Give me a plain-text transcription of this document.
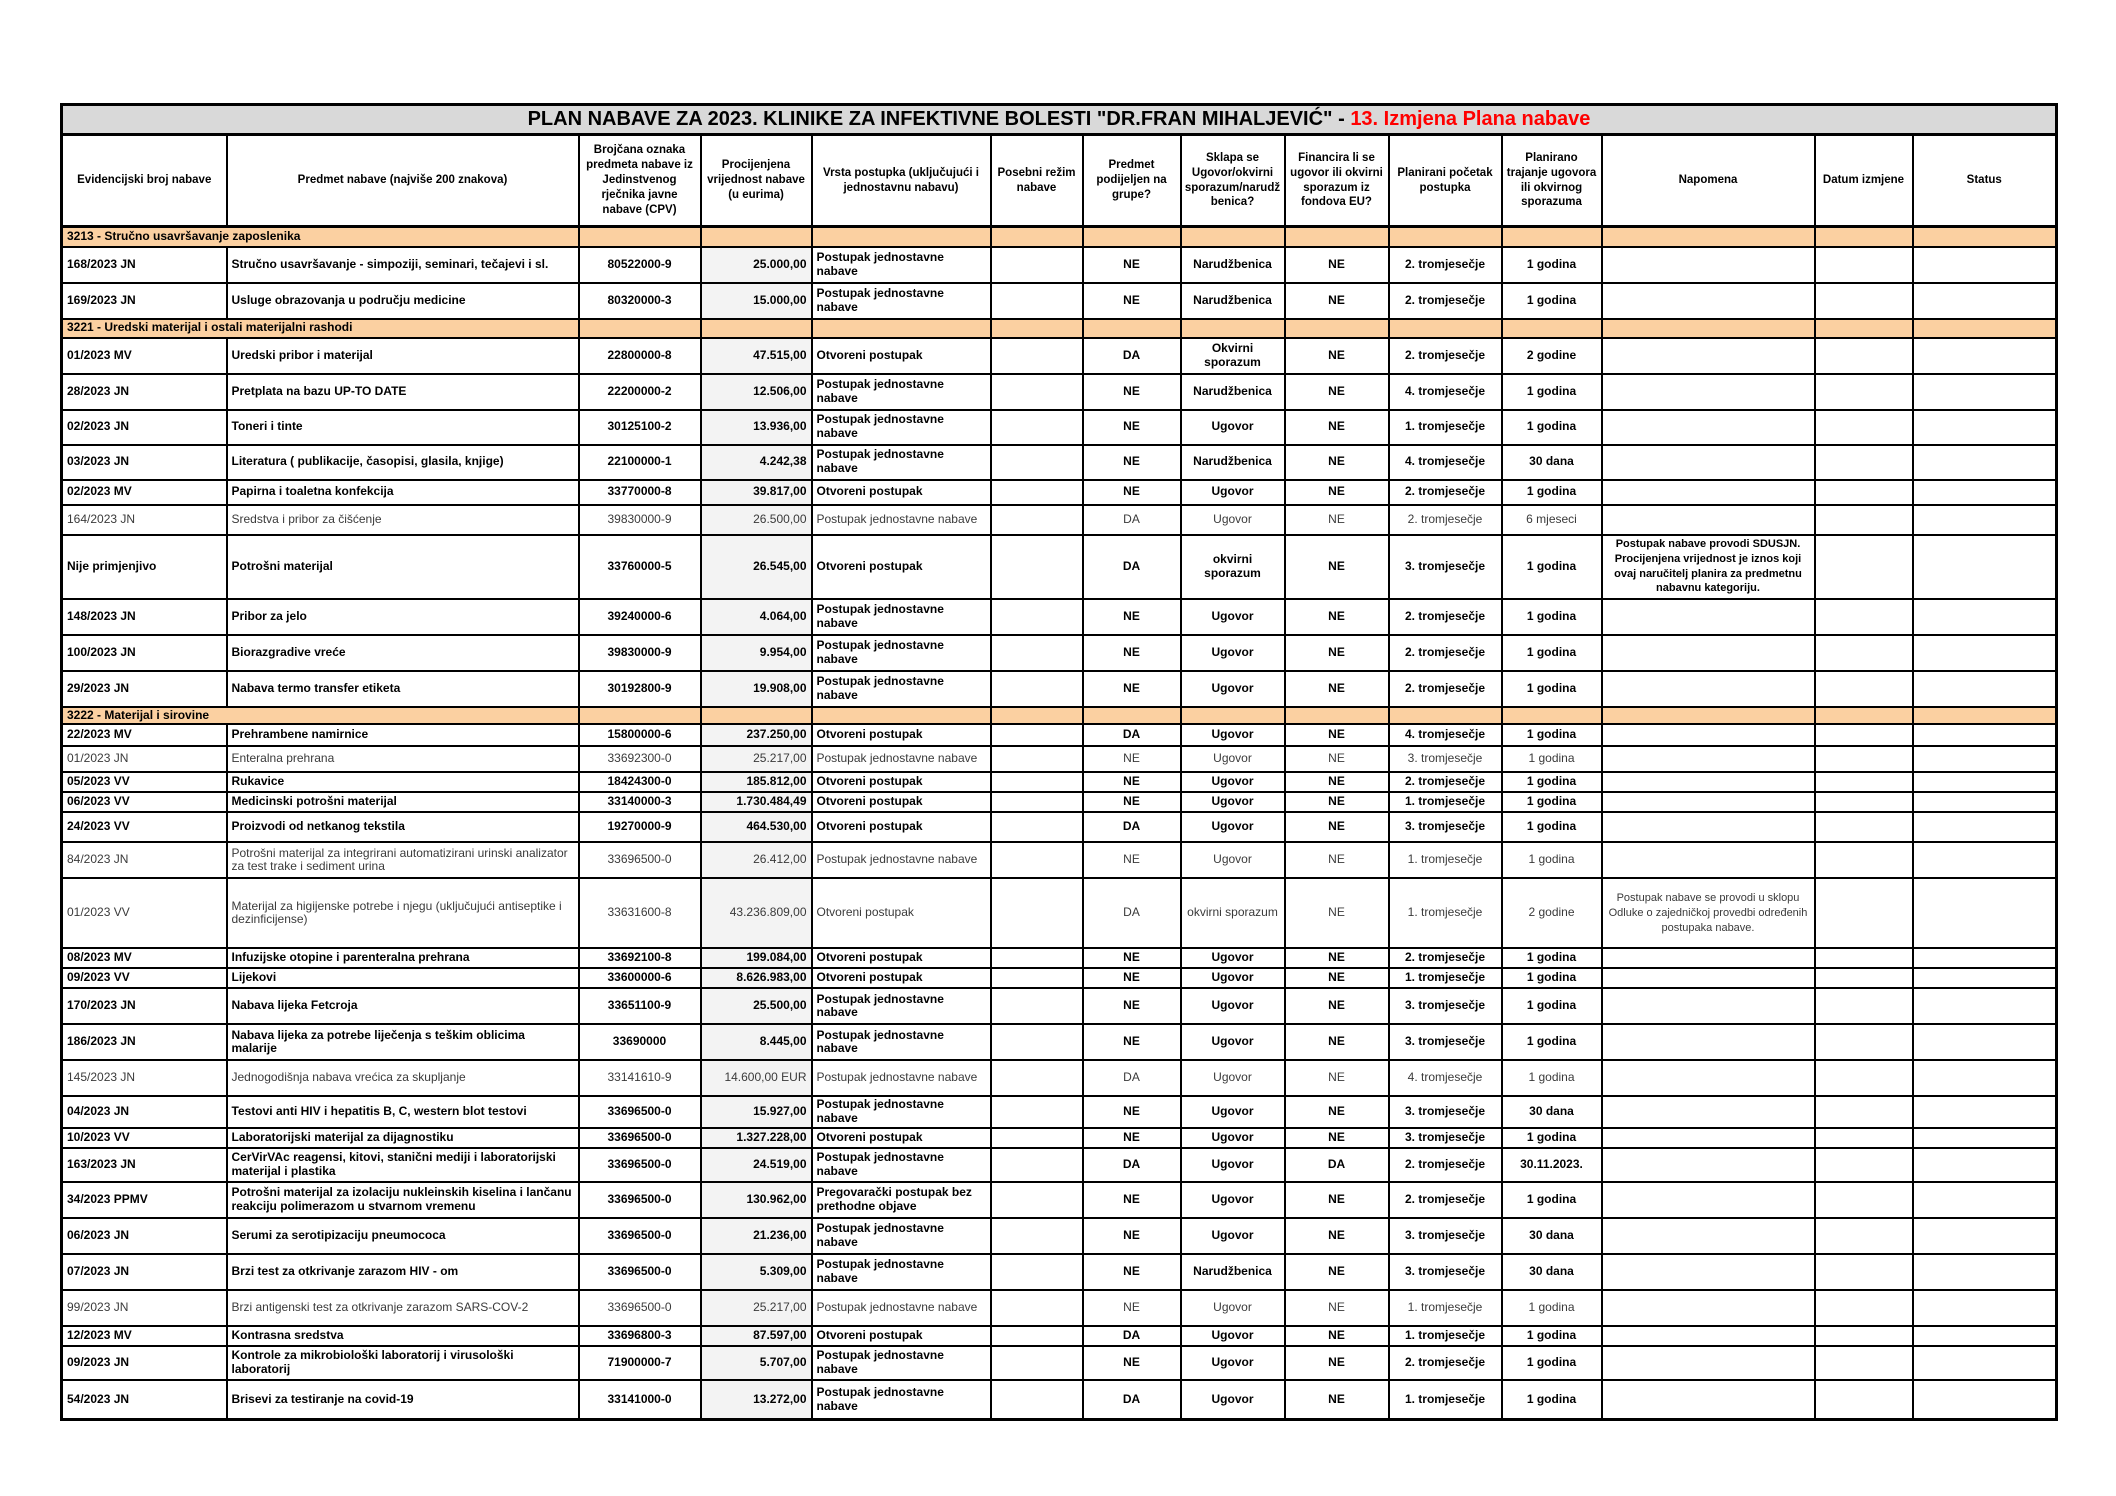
PLAN NABAVE ZA 2023. KLINIKE ZA INFEKTIVNE BOLESTI "DR.FRAN MIHALJEVIĆ" - 13. Izmjena Plana nabave													
Evidencijski broj nabave	Predmet nabave (najviše 200 znakova)	Brojčana oznaka predmeta nabave iz Jedinstvenog rječnika javne nabave (CPV)	Procijenjena vrijednost nabave (u eurima)	Vrsta postupka (uključujući i jednostavnu nabavu)	Posebni režim nabave	Predmet podijeljen na grupe?	Sklapa se Ugovor/okvirni sporazum/narudžbenica?	Financira li se ugovor ili okvirni sporazum iz fondova EU?	Planirani početak postupka	Planirano trajanje ugovora ili okvirnog sporazuma	Napomena	Datum izmjene	Status
3213 - Stručno usavršavanje zaposlenika													
168/2023 JN	Stručno usavršavanje - simpoziji, seminari, tečajevi i sl.	80522000-9	25.000,00	Postupak jednostavne nabave		NE	Narudžbenica	NE	2. tromjesečje	1 godina			
169/2023 JN	Usluge obrazovanja u području medicine	80320000-3	15.000,00	Postupak jednostavne nabave		NE	Narudžbenica	NE	2. tromjesečje	1 godina			
3221 - Uredski materijal i ostali materijalni rashodi													
01/2023 MV	Uredski pribor i materijal	22800000-8	47.515,00	Otvoreni postupak		DA	Okvirni sporazum	NE	2. tromjesečje	2 godine			
28/2023 JN	Pretplata na bazu UP-TO DATE	22200000-2	12.506,00	Postupak jednostavne nabave		NE	Narudžbenica	NE	4. tromjesečje	1 godina			
02/2023 JN	Toneri i tinte	30125100-2	13.936,00	Postupak jednostavne nabave		NE	Ugovor	NE	1. tromjesečje	1 godina			
03/2023 JN	Literatura ( publikacije, časopisi, glasila, knjige)	22100000-1	4.242,38	Postupak jednostavne nabave		NE	Narudžbenica	NE	4. tromjesečje	30 dana			
02/2023 MV	Papirna i toaletna konfekcija	33770000-8	39.817,00	Otvoreni postupak		NE	Ugovor	NE	2. tromjesečje	1 godina			
164/2023 JN	Sredstva i pribor za čišćenje	39830000-9	26.500,00	Postupak jednostavne nabave		DA	Ugovor	NE	2. tromjesečje	6 mjeseci			
Nije primjenjivo	Potrošni materijal	33760000-5	26.545,00	Otvoreni postupak		DA	okvirni sporazum	NE	3. tromjesečje	1 godina	Postupak nabave provodi SDUSJN. Procijenjena vrijednost je iznos koji ovaj naručitelj planira za predmetnu nabavnu kategoriju.		
148/2023 JN	Pribor za jelo	39240000-6	4.064,00	Postupak jednostavne nabave		NE	Ugovor	NE	2. tromjesečje	1 godina			
100/2023 JN	Biorazgradive vreće	39830000-9	9.954,00	Postupak jednostavne nabave		NE	Ugovor	NE	2. tromjesečje	1 godina			
29/2023 JN	Nabava termo transfer etiketa	30192800-9	19.908,00	Postupak jednostavne nabave		NE	Ugovor	NE	2. tromjesečje	1 godina			
3222 - Materijal i sirovine													
22/2023 MV	Prehrambene namirnice	15800000-6	237.250,00	Otvoreni postupak		DA	Ugovor	NE	4. tromjesečje	1 godina			
01/2023 JN	Enteralna prehrana	33692300-0	25.217,00	Postupak jednostavne nabave		NE	Ugovor	NE	3. tromjesečje	1 godina			
05/2023 VV	Rukavice	18424300-0	185.812,00	Otvoreni postupak		NE	Ugovor	NE	2. tromjesečje	1 godina			
06/2023 VV	Medicinski potrošni materijal	33140000-3	1.730.484,49	Otvoreni postupak		NE	Ugovor	NE	1. tromjesečje	1 godina			
24/2023 VV	Proizvodi od netkanog tekstila	19270000-9	464.530,00	Otvoreni postupak		DA	Ugovor	NE	3. tromjesečje	1 godina			
84/2023 JN	Potrošni materijal za integrirani automatizirani urinski analizator za test trake i sediment urina	33696500-0	26.412,00	Postupak jednostavne nabave		NE	Ugovor	NE	1. tromjesečje	1 godina			
01/2023 VV	Materijal za higijenske potrebe i njegu (uključujući antiseptike i dezinficijense)	33631600-8	43.236.809,00	Otvoreni postupak		DA	okvirni sporazum	NE	1. tromjesečje	2 godine	Postupak nabave se provodi u sklopu Odluke o zajedničkoj provedbi određenih postupaka nabave.		
08/2023 MV	Infuzijske otopine i parenteralna prehrana	33692100-8	199.084,00	Otvoreni postupak		NE	Ugovor	NE	2. tromjesečje	1 godina			
09/2023 VV	Lijekovi	33600000-6	8.626.983,00	Otvoreni postupak		NE	Ugovor	NE	1. tromjesečje	1 godina			
170/2023 JN	Nabava lijeka Fetcroja	33651100-9	25.500,00	Postupak jednostavne nabave		NE	Ugovor	NE	3. tromjesečje	1 godina			
186/2023 JN	Nabava lijeka za potrebe liječenja s teškim oblicima malarije	33690000	8.445,00	Postupak jednostavne nabave		NE	Ugovor	NE	3. tromjesečje	1 godina			
145/2023 JN	Jednogodišnja nabava vrećica za skupljanje	33141610-9	14.600,00 EUR	Postupak jednostavne nabave		DA	Ugovor	NE	4. tromjesečje	1 godina			
04/2023 JN	Testovi anti HIV i hepatitis B, C, western blot testovi	33696500-0	15.927,00	Postupak jednostavne nabave		NE	Ugovor	NE	3. tromjesečje	30 dana			
10/2023 VV	Laboratorijski materijal za dijagnostiku	33696500-0	1.327.228,00	Otvoreni postupak		NE	Ugovor	NE	3. tromjesečje	1 godina			
163/2023 JN	CerVirVAc reagensi, kitovi, stanični mediji i laboratorijski materijal i plastika	33696500-0	24.519,00	Postupak jednostavne nabave		DA	Ugovor	DA	2. tromjesečje	30.11.2023.			
34/2023 PPMV	Potrošni materijal za izolaciju nukleinskih kiselina i lančanu reakciju polimerazom u stvarnom vremenu	33696500-0	130.962,00	Pregovarački postupak bez prethodne objave		NE	Ugovor	NE	2. tromjesečje	1 godina			
06/2023 JN	Serumi za serotipizaciju pneumococa	33696500-0	21.236,00	Postupak jednostavne nabave		NE	Ugovor	NE	3. tromjesečje	30 dana			
07/2023 JN	Brzi test za otkrivanje zarazom HIV - om	33696500-0	5.309,00	Postupak jednostavne nabave		NE	Narudžbenica	NE	3. tromjesečje	30 dana			
99/2023 JN	Brzi antigenski test za otkrivanje zarazom SARS-COV-2	33696500-0	25.217,00	Postupak jednostavne nabave		NE	Ugovor	NE	1. tromjesečje	1 godina			
12/2023 MV	Kontrasna sredstva	33696800-3	87.597,00	Otvoreni postupak		DA	Ugovor	NE	1. tromjesečje	1 godina			
09/2023 JN	Kontrole za mikrobiološki laboratorij i virusološki laboratorij	71900000-7	5.707,00	Postupak jednostavne nabave		NE	Ugovor	NE	2. tromjesečje	1 godina			
54/2023 JN	Brisevi za testiranje na covid-19	33141000-0	13.272,00	Postupak jednostavne nabave		DA	Ugovor	NE	1. tromjesečje	1 godina			
